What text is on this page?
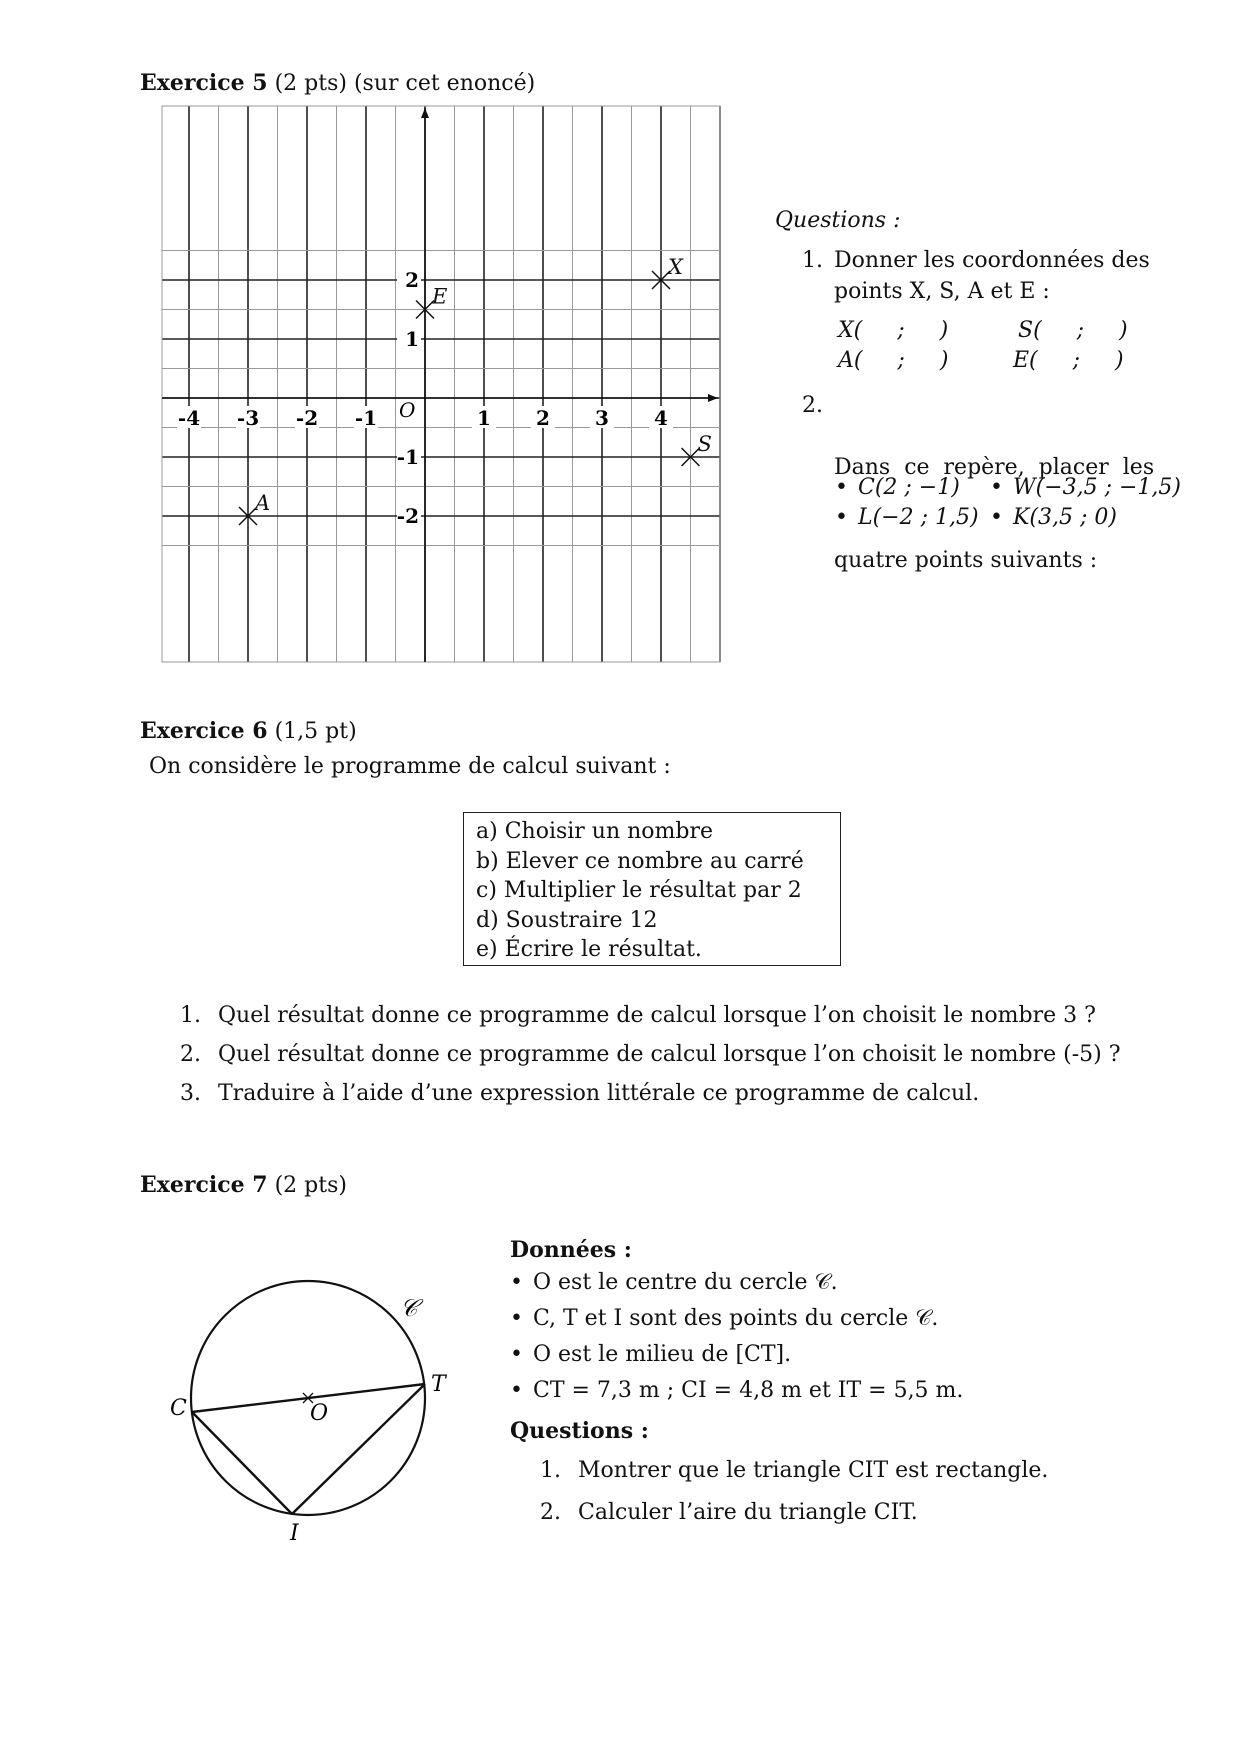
Exercice 5 (2 pts) (sur cet enoncé)
-4 -3 -2 -1	1 2 3 4
2
1
-1
-2
O
X
E
S
A
Questions :
1. Donner les coordonnées des
points X, S, A et E :
X(     ;     )	S(     ;     )
A(     ;     )	E(     ;     )
2.

Dans  ce  repère,  placer  les

quatre points suivants :

• C(2 ; −1)	• W(−3,5 ; −1,5)
• L(−2 ; 1,5)	• K(3,5 ; 0)
Exercice 6 (1,5 pt)
On considère le programme de calcul suivant :
a) Choisir un nombre
b) Elever ce nombre au carré
c) Multiplier le résultat par 2
d) Soustraire 12
e) Écrire le résultat.
1. Quel résultat donne ce programme de calcul lorsque l’on choisit le nombre 3 ?
2. Quel résultat donne ce programme de calcul lorsque l’on choisit le nombre (-5) ?
3. Traduire à l’aide d’une expression littérale ce programme de calcul.
Exercice 7 (2 pts)
𝒞
C
T
O
I
Données :
• O est le centre du cercle 𝒞.
• C, T et I sont des points du cercle 𝒞.
• O est le milieu de [CT].
• CT = 7,3 m ; CI = 4,8 m et IT = 5,5 m.
Questions :
1. Montrer que le triangle CIT est rectangle.
2. Calculer l’aire du triangle CIT.
